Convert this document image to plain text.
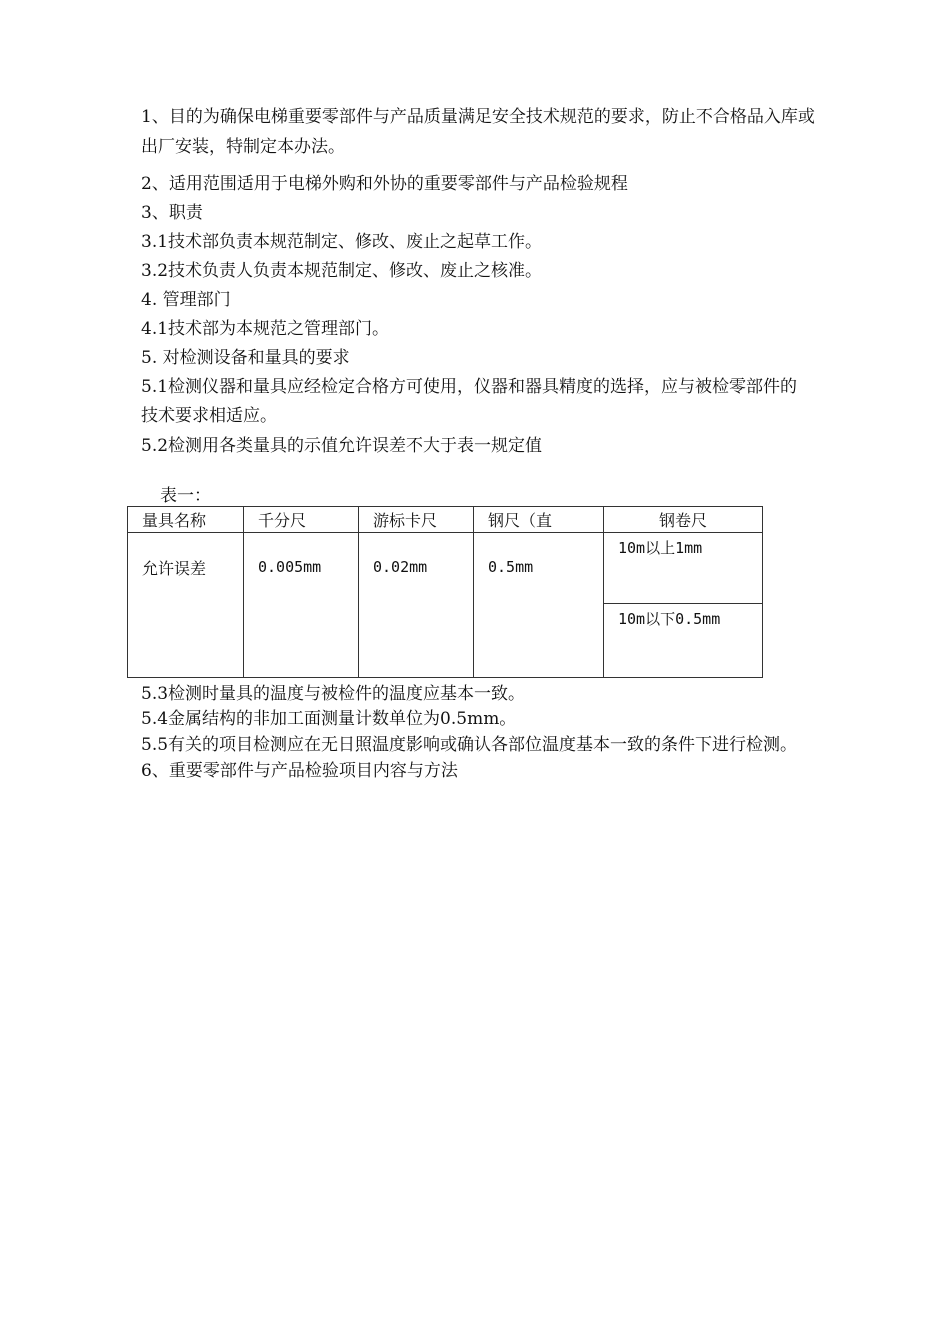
1、目的为确保电梯重要零部件与产品质量满足安全技术规范的要求，防止不合格品入库或
出厂安装，特制定本办法。
2、适用范围适用于电梯外购和外协的重要零部件与产品检验规程
3、职责
3.1技术部负责本规范制定、修改、废止之起草工作。
3.2技术负责人负责本规范制定、修改、废止之核准。
4. 管理部门
4.1技术部为本规范之管理部门。
5. 对检测设备和量具的要求
5.1检测仪器和量具应经检定合格方可使用，仪器和器具精度的选择，应与被检零部件的
技术要求相适应。
5.2检测用各类量具的示值允许误差不大于表一规定值
表一：
量具名称	千分尺	游标卡尺	钢尺（直	钢卷尺

允许误差	0.005mm	0.02mm	0.5mm	10m以上1mm

				10m以下0.5mm
5.3检测时量具的温度与被检件的温度应基本一致。
5.4金属结构的非加工面测量计数单位为0.5mm。
5.5有关的项目检测应在无日照温度影响或确认各部位温度基本一致的条件下进行检测。
6、重要零部件与产品检验项目内容与方法
